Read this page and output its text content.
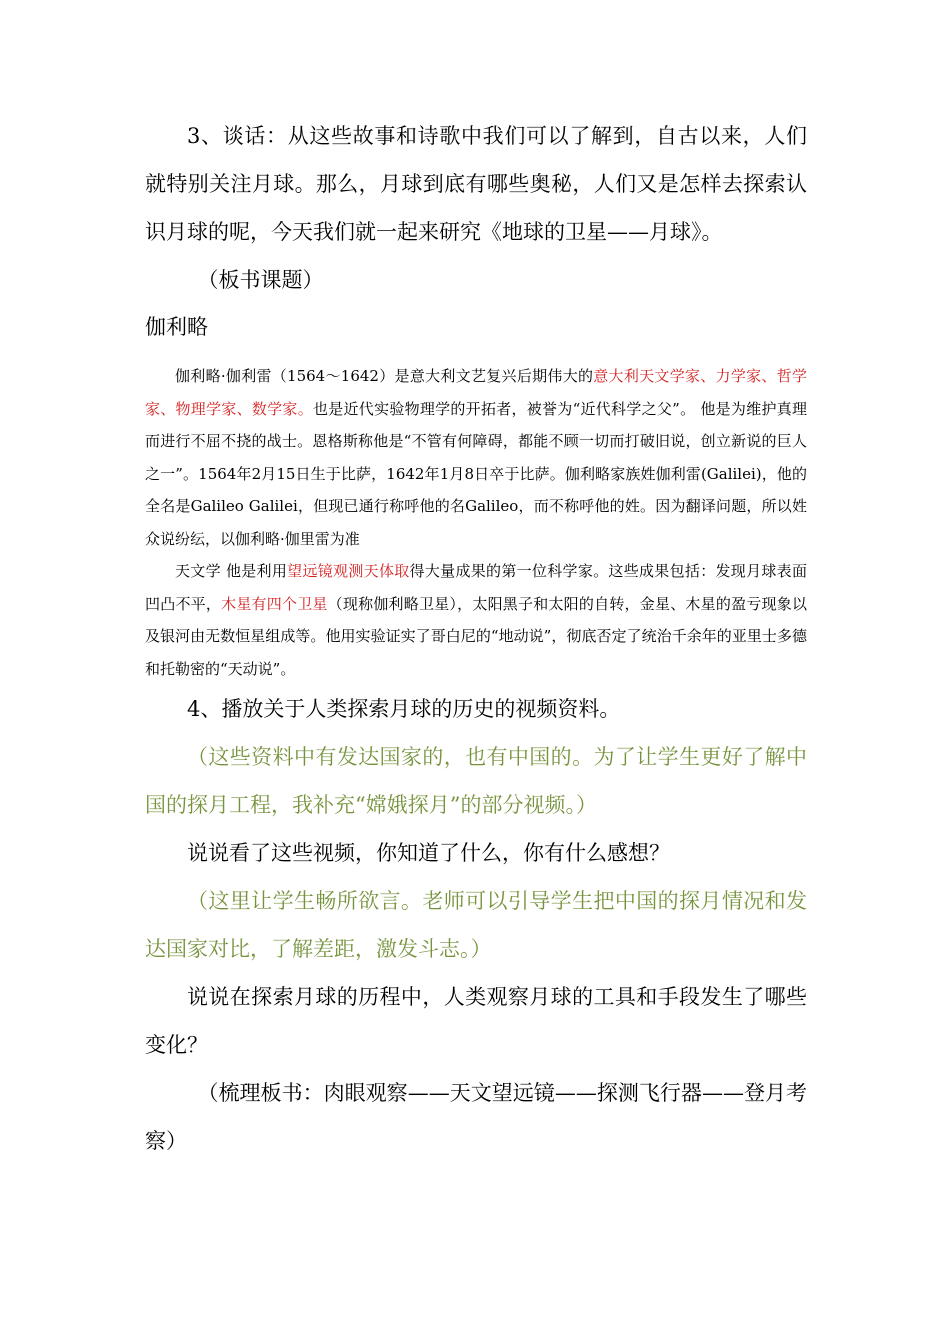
3、谈话：从这些故事和诗歌中我们可以了解到，自古以来，人们就特别关注月球。那么，月球到底有哪些奥秘，人们又是怎样去探索认识月球的呢，今天我们就一起来研究《地球的卫星——月球》。

（板书课题）

伽利略

伽利略·伽利雷（1564～1642）是意大利文艺复兴后期伟大的意大利天文学家、力学家、哲学家、物理学家、数学家。也是近代实验物理学的开拓者，被誉为“近代科学之父”。 他是为维护真理而进行不屈不挠的战士。恩格斯称他是“不管有何障碍，都能不顾一切而打破旧说，创立新说的巨人之一”。1564年2月15日生于比萨，1642年1月8日卒于比萨。伽利略家族姓伽利雷(Galilei)，他的全名是Galileo Galilei，但现已通行称呼他的名Galileo，而不称呼他的姓。因为翻译问题，所以姓众说纷纭，以伽利略·伽里雷为准

天文学 他是利用望远镜观测天体取得大量成果的第一位科学家。这些成果包括：发现月球表面凹凸不平，木星有四个卫星（现称伽利略卫星），太阳黑子和太阳的自转，金星、木星的盈亏现象以及银河由无数恒星组成等。他用实验证实了哥白尼的“地动说”，彻底否定了统治千余年的亚里士多德和托勒密的“天动说”。

4、播放关于人类探索月球的历史的视频资料。

（这些资料中有发达国家的，也有中国的。为了让学生更好了解中国的探月工程，我补充“嫦娥探月”的部分视频。）

说说看了这些视频，你知道了什么，你有什么感想？

（这里让学生畅所欲言。老师可以引导学生把中国的探月情况和发达国家对比，了解差距，激发斗志。）

说说在探索月球的历程中，人类观察月球的工具和手段发生了哪些变化？

（梳理板书：肉眼观察——天文望远镜——探测飞行器——登月考察）
